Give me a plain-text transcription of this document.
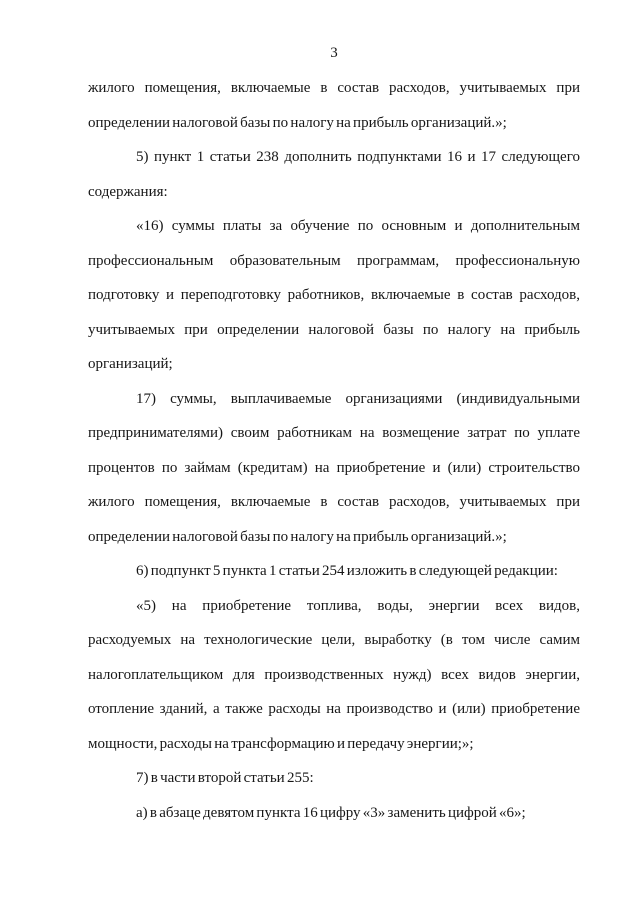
3
жилого помещения, включаемые в состав расходов, учитываемых при
определении налоговой базы по налогу на прибыль организаций.»;
5) пункт 1 статьи 238 дополнить подпунктами 16 и 17 следующего
содержания:
«16) суммы платы за обучение по основным и дополнительным
профессиональным образовательным программам, профессиональную
подготовку и переподготовку работников, включаемые в состав расходов,
учитываемых при определении налоговой базы по налогу на прибыль
организаций;
17) суммы, выплачиваемые организациями (индивидуальными
предпринимателями) своим работникам на возмещение затрат по уплате
процентов по займам (кредитам) на приобретение и (или) строительство
жилого помещения, включаемые в состав расходов, учитываемых при
определении налоговой базы по налогу на прибыль организаций.»;
6) подпункт 5 пункта 1 статьи 254 изложить в следующей редакции:
«5) на приобретение топлива, воды, энергии всех видов,
расходуемых на технологические цели, выработку (в том числе самим
налогоплательщиком для производственных нужд) всех видов энергии,
отопление зданий, а также расходы на производство и (или) приобретение
мощности, расходы на трансформацию и передачу энергии;»;
7) в части второй статьи 255:
а) в абзаце девятом пункта 16 цифру «3» заменить цифрой «6»;
